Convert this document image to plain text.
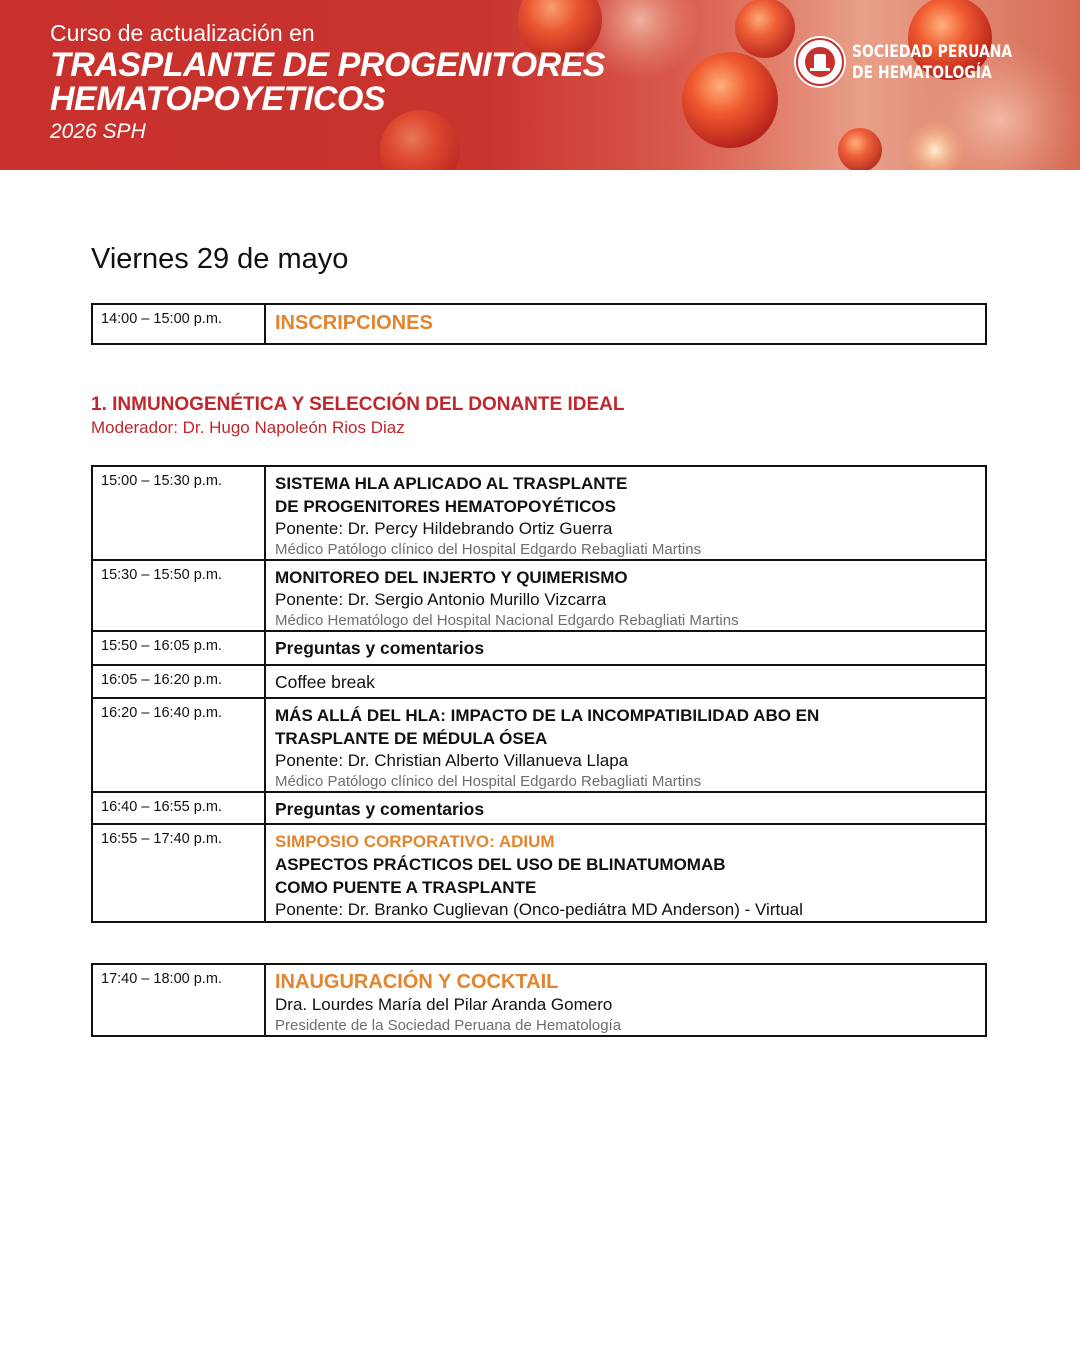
Curso de actualización en
TRASPLANTE DE PROGENITORES
HEMATOPOYETICOS
2026 SPH
SOCIEDAD PERUANA
DE HEMATOLOGÍA
Viernes 29 de mayo
14:00 – 15:00 p.m.	INSCRIPCIONES
1. INMUNOGENÉTICA Y SELECCIÓN DEL DONANTE IDEAL
Moderador: Dr. Hugo Napoleón Rios Diaz
15:00 – 15:30 p.m.	SISTEMA HLA APLICADO AL TRASPLANTE
DE PROGENITORES HEMATOPOYÉTICOS
Ponente: Dr. Percy Hildebrando Ortiz Guerra
Médico Patólogo clínico del Hospital Edgardo Rebagliati Martins

15:30 – 15:50 p.m.	MONITOREO DEL INJERTO Y QUIMERISMO
Ponente: Dr. Sergio Antonio Murillo Vizcarra
Médico Hematólogo del Hospital Nacional Edgardo Rebagliati Martins

15:50 – 16:05 p.m.	Preguntas y comentarios

16:05 – 16:20 p.m.	Coffee break

16:20 – 16:40 p.m.	MÁS ALLÁ DEL HLA: IMPACTO DE LA INCOMPATIBILIDAD ABO EN
TRASPLANTE DE MÉDULA ÓSEA
Ponente: Dr. Christian Alberto Villanueva Llapa
Médico Patólogo clínico del Hospital Edgardo Rebagliati Martins

16:40 – 16:55 p.m.	Preguntas y comentarios

16:55 – 17:40 p.m.	SIMPOSIO CORPORATIVO: ADIUM
ASPECTOS PRÁCTICOS DEL USO DE BLINATUMOMAB
COMO PUENTE A TRASPLANTE
Ponente: Dr. Branko Cuglievan (Onco-pediátra MD Anderson) - Virtual
17:40 – 18:00 p.m.	INAUGURACIÓN Y COCKTAIL
Dra. Lourdes María del Pilar Aranda Gomero
Presidente de la Sociedad Peruana de Hematología
